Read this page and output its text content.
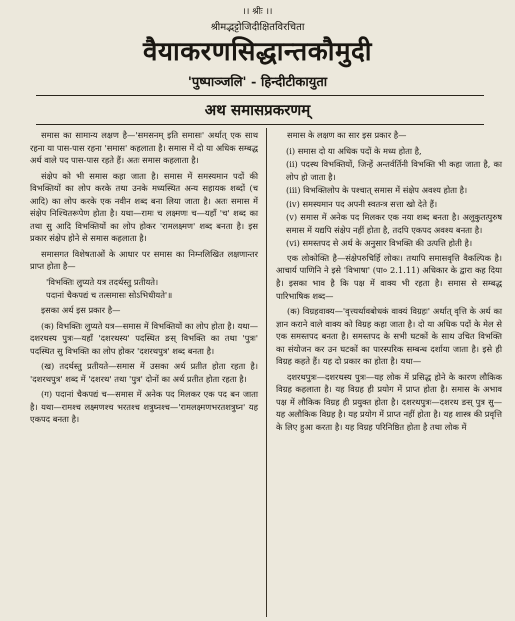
।। श्रीः ।।
श्रीमद्भट्टोजिदीक्षितविरचिता
वैयाकरणसिद्धान्तकौमुदी
'पुष्पाञ्जलि' - हिन्दीटीकायुता
अथ समासप्रकरणम्

समास का सामान्य लक्षण है—'समसनम् इति समासः' अर्थात् एक साथ रहना या पास-पास रहना 'समास' कहलाता है। समास में दो या अधिक सम्बद्ध अर्थ वाले पद पास-पास रहते हैं। अतः समास कहलाता है।

संक्षेप को भी समास कहा जाता है। समास में समस्यमान पदों की विभक्तियों का लोप करके तथा उनके मध्यस्थित अन्य सहायक शब्दों (च आदि) का लोप करके एक नवीन शब्द बना लिया जाता है। अतः समास में संक्षेप निश्चितरूपेण होता है। यथा—रामः च लक्ष्मणः च—यहाँ 'च' शब्द का तथा सु आदि विभक्तियों का लोप होकर 'रामलक्ष्मण' शब्द बनता है। इस प्रकार संक्षेप होने से समास कहलाता है।

समासगत विशेषताओं के आधार पर समास का निम्नलिखित लक्षणान्तर प्राप्त होता है—

'विभक्तिः लुप्यते यत्र तदर्थस्तु प्रतीयते।

पदानां चैकपद्यं च तत्समासः सोऽभिधीयते'॥

इसका अर्थ इस प्रकार है—

(क) विभक्तिः लुप्यते यत्र—समास में विभक्तियों का लोप होता है। यथा—दशरथस्य पुत्रः—यहाँ 'दशरथस्य' पदस्थित ङस् विभक्ति का तथा 'पुत्रः' पदस्थित सु विभक्ति का लोप होकर 'दशरथपुत्र' शब्द बनता है।

(ख) तदर्थस्तु प्रतीयते—समास में उसका अर्थ प्रतीत होता रहता है। 'दशरथपुत्र' शब्द में 'दशरथ' तथा 'पुत्र' दोनों का अर्थ प्रतीत होता रहता है।

(ग) पदानां चैकपद्यं च—समास में अनेक पद मिलकर एक पद बन जाता है। यथा—रामश्च लक्ष्मणश्च भरतश्च शत्रुघ्नश्च—'रामलक्ष्मणभरतशत्रुघ्न' यह एकपद बनता है।

समास के लक्षण का सार इस प्रकार है—

(i) समास दो या अधिक पदों के मध्य होता है,

(ii) पदस्थ विभक्तियों, जिन्हें अन्तर्वर्तिनी विभक्ति भी कहा जाता है, का लोप हो जाता है।

(iii) विभक्तिलोप के पश्चात् समास में संक्षेप अवश्य होता है।

(iv) समस्यमान पद अपनी स्वतन्त्र सत्ता खो देते हैं।

(v) समास में अनेक पद मिलकर एक नया शब्द बनता है। अलुकुतत्पुरुष समास में यद्यपि संक्षेप नहीं होता है, तदपि एकपद अवश्य बनता है।

(vi) समस्तपद से अर्थ के अनुसार विभक्ति की उत्पत्ति होती है।

एक लोकोक्ति है—संक्षेपरुचिर्हि लोकः। तथापि समासवृत्ति वैकल्पिक है। आचार्य पाणिनि ने इसे 'विभाषा' (पा० 2.1.11) अधिकार के द्वारा कह दिया है। इसका भाव है कि पक्ष में वाक्य भी रहता है। समास से सम्बद्ध पारिभाषिक शब्द—

(क) विग्रहवाक्य—'वृत्त्यर्थावबोधकं वाक्यं विग्रहः' अर्थात् वृत्ति के अर्थ का ज्ञान कराने वाले वाक्य को विग्रह कहा जाता है। दो या अधिक पदों के मेल से एक समस्तपद बनता है। समस्तपद के सभी घटकों के साथ उचित विभक्ति का संयोजन कर उन घटकों का पारस्परिक सम्बन्ध दर्शाया जाता है। इसे ही विग्रह कहते हैं। यह दो प्रकार का होता है। यथा—

दशरथपुत्रः—दशरथस्य पुत्रः—यह लोक में प्रसिद्ध होने के कारण लौकिक विग्रह कहलाता है। यह विग्रह ही प्रयोग में प्राप्त होता है। समास के अभाव पक्ष में लौकिक विग्रह ही प्रयुक्त होता है। दशरथपुत्रः—दशरथ ङस् पुत्र सु—यह अलौकिक विग्रह है। यह प्रयोग में प्राप्त नहीं होता है। यह शास्त्र की प्रवृत्ति के लिए हुआ करता है। यह विग्रह परिनिष्ठित होता है तथा लोक में
